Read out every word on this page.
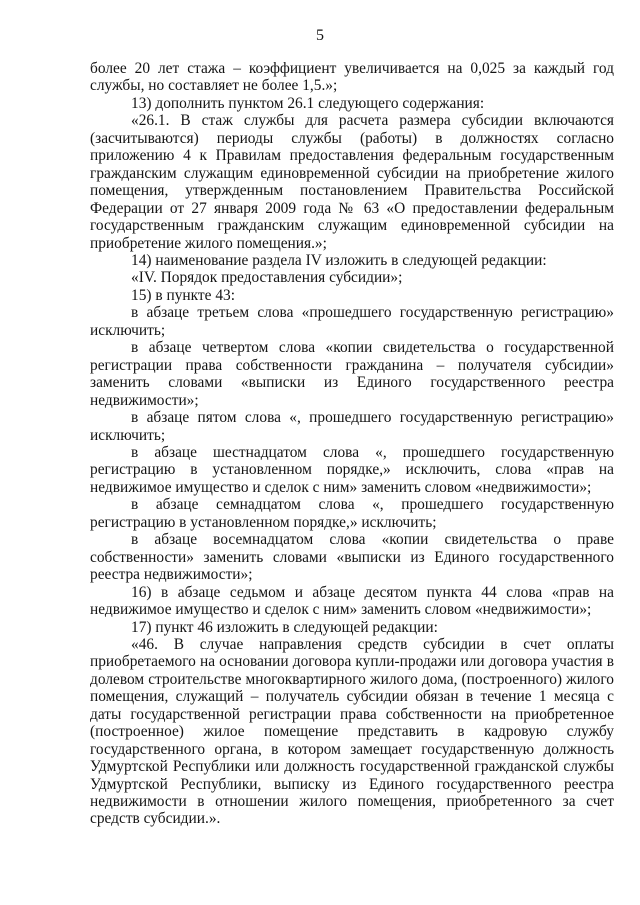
5

более 20 лет стажа – коэффициент увеличивается на 0,025 за каждый год службы, но составляет не более 1,5.»;

13) дополнить пунктом 26.1 следующего содержания:

«26.1. В стаж службы для расчета размера субсидии включаются (засчитываются) периоды службы (работы) в должностях согласно приложению 4 к Правилам предоставления федеральным государственным гражданским служащим единовременной субсидии на приобретение жилого помещения, утвержденным постановлением Правительства Российской Федерации от 27 января 2009 года № 63 «О предоставлении федеральным государственным гражданским служащим единовременной субсидии на приобретение жилого помещения.»;

14) наименование раздела IV изложить в следующей редакции:

«IV. Порядок предоставления субсидии»;

15) в пункте 43:

в абзаце третьем слова «прошедшего государственную регистрацию» исключить;

в абзаце четвертом слова «копии свидетельства о государственной регистрации права собственности гражданина – получателя субсидии» заменить словами «выписки из Единого государственного реестра недвижимости»;

в абзаце пятом слова «, прошедшего государственную регистрацию» исключить;

в абзаце шестнадцатом слова «, прошедшего государственную регистрацию в установленном порядке,» исключить, слова «прав на недвижимое имущество и сделок с ним» заменить словом «недвижимости»;

в абзаце семнадцатом слова «, прошедшего государственную регистрацию в установленном порядке,» исключить;

в абзаце восемнадцатом слова «копии свидетельства о праве собственности» заменить словами «выписки из Единого государственного реестра недвижимости»;

16) в абзаце седьмом и абзаце десятом пункта 44 слова «прав на недвижимое имущество и сделок с ним» заменить словом «недвижимости»;

17) пункт 46 изложить в следующей редакции:

«46. В случае направления средств субсидии в счет оплаты приобретаемого на основании договора купли-продажи или договора участия в долевом строительстве многоквартирного жилого дома, (построенного) жилого помещения, служащий – получатель субсидии обязан в течение 1 месяца с даты государственной регистрации права собственности на приобретенное (построенное) жилое помещение представить в кадровую службу государственного органа, в котором замещает государственную должность Удмуртской Республики или должность государственной гражданской службы Удмуртской Республики, выписку из Единого государственного реестра недвижимости в отношении жилого помещения, приобретенного за счет средств субсидии.».
